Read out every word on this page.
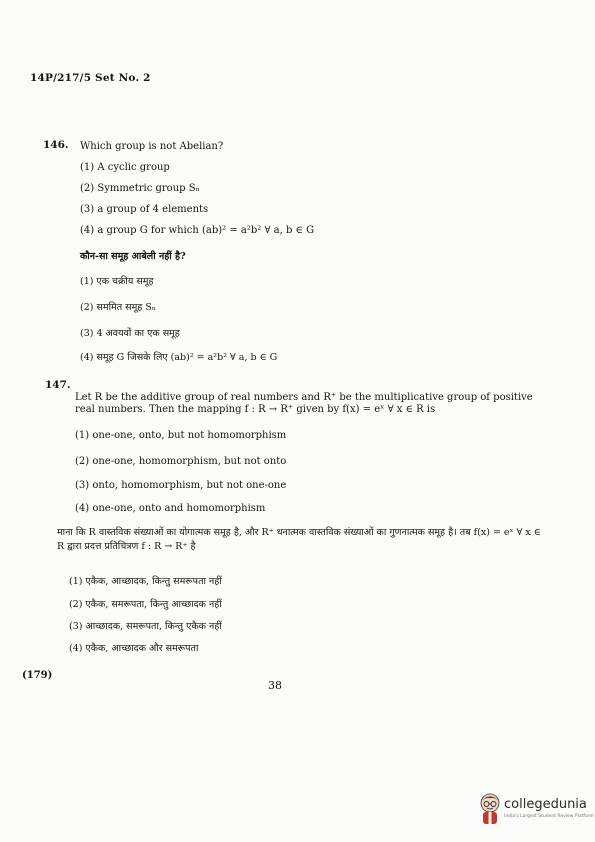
14P/217/5 Set No. 2
146. Which group is not Abelian?
(1) A cyclic group
(2) Symmetric group Sₙ
(3) a group of 4 elements
(4) a group G for which (ab)² = a²b² ∀ a, b ∈ G
कौन-सा समूह आबेली नहीं है?
(1) एक चक्रीय समूह
(2) सममित समूह Sₙ
(3) 4 अवयवों का एक समूह
(4) समूह G जिसके लिए (ab)² = a²b² ∀ a, b ∈ G
147.
Let R be the additive group of real numbers and R⁺ be the multiplicative group of positive real numbers. Then the mapping f : R → R⁺ given by f(x) = eˣ ∀ x ∈ R is
(1) one-one, onto, but not homomorphism
(2) one-one, homomorphism, but not onto
(3) onto, homomorphism, but not one-one
(4) one-one, onto and homomorphism
माना कि R वास्तविक संख्याओं का योगात्मक समूह है, और R⁺ धनात्मक वास्तविक संख्याओं का गुणनात्मक समूह है। तब f(x) = eˣ ∀ x ∈ R द्वारा प्रदत्त प्रतिचित्रण f : R → R⁺ है
(1) एकैक, आच्छादक, किन्तु समरूपता नहीं
(2) एकैक, समरूपता, किन्तु आच्छादक नहीं
(3) आच्छादक, समरूपता, किन्तु एकैक नहीं
(4) एकैक, आच्छादक और समरूपता
(179)
38
collegedunia
India's Largest Student Review Platform
